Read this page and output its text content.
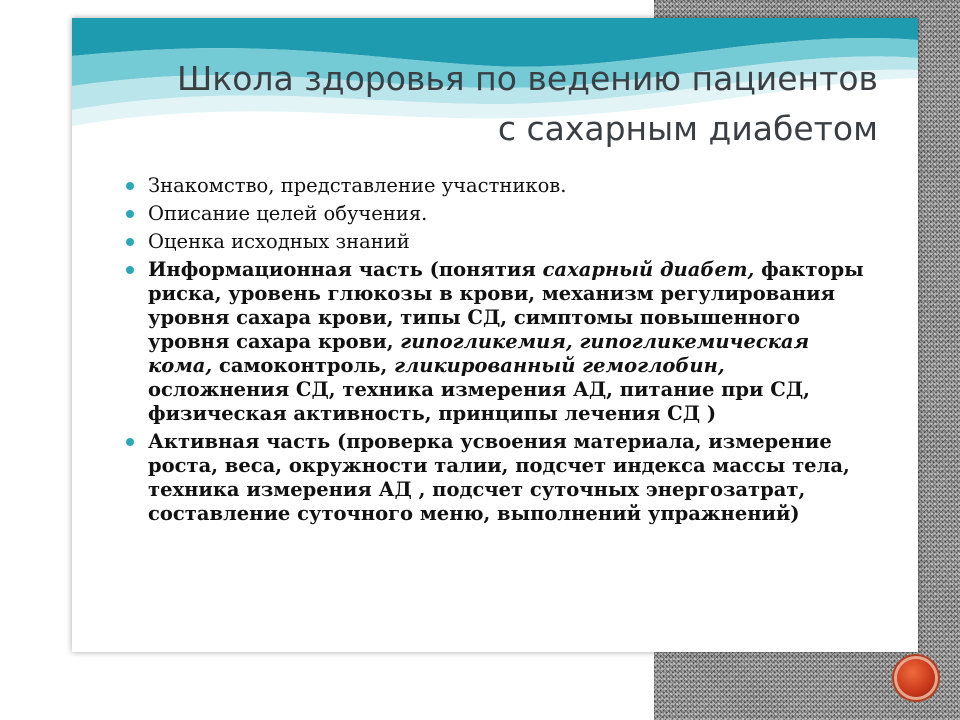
Школа здоровья по ведению пациентов
с сахарным диабетом
Знакомство, представление участников.
Описание целей обучения.
Оценка исходных знаний
Информационная часть (понятия сахарный диабет, факторы риска, уровень глюкозы в крови, механизм регулирования уровня сахара крови, типы СД, симптомы повышенного уровня сахара крови, гипогликемия, гипогликемическая кома, самоконтроль, гликированный гемоглобин, осложнения СД, техника измерения АД, питание при СД, физическая активность, принципы лечения СД )
Активная часть (проверка усвоения материала, измерение роста, веса, окружности талии, подсчет индекса массы тела, техника измерения АД , подсчет суточных энергозатрат, составление суточного меню, выполнений упражнений)
